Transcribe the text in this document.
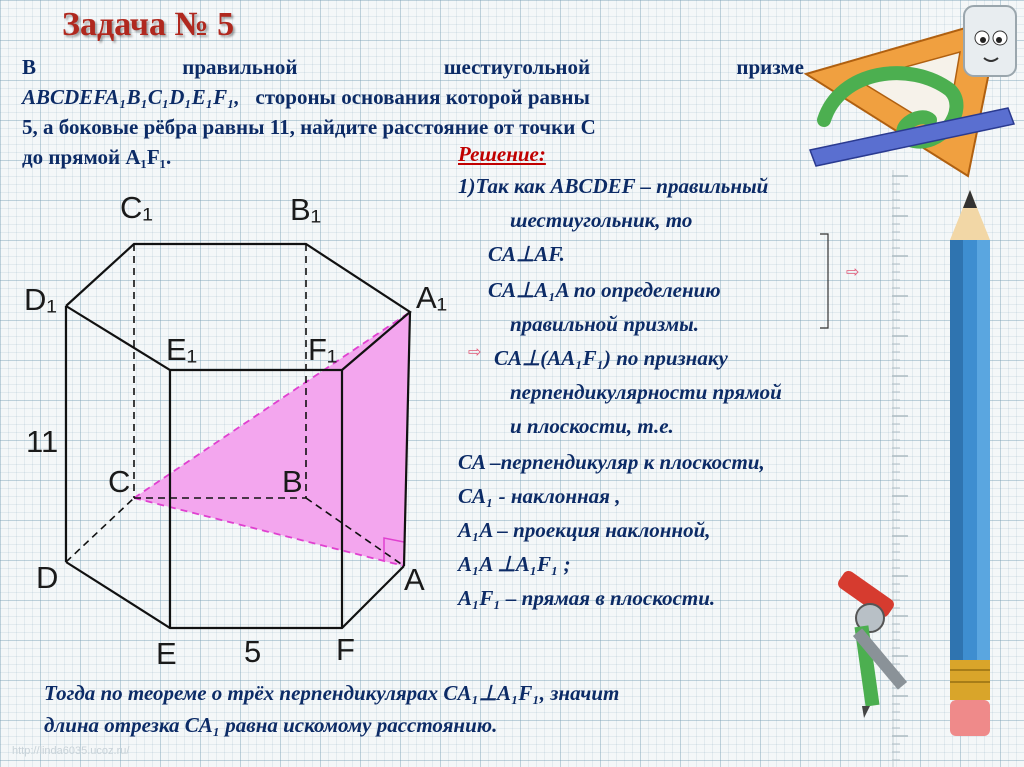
Задача № 5
В правильной шестиугольной призме
ABCDEFA₁B₁C₁D₁E₁F₁, стороны основания которой равны
5, а боковые рёбра равны 11, найдите расстояние от точки C
до прямой A₁F₁.	Решение:

1)Так как ABCDEF – правильный

шестиугольник, то

CA⊥AF.

CA⊥A₁A по определению

правильной призмы.

CA⊥(AA₁F₁) по признаку

перпендикулярности прямой

и плоскости, т.е.

CA –перпендикуляр к плоскости,

CA₁ - наклонная ,

A₁A – проекция наклонной,

A₁A ⊥A₁F₁ ;

A₁F₁ – прямая в плоскости.

⇨
⇨

C₁	B₁

D₁	A₁

E₁	F₁

C	B

D	A

E	F

11

5

Тогда по теореме о трёх перпендикулярах CA₁⊥A₁F₁, значит
длина отрезка CA₁ равна искомому расстоянию.
http://linda6035.ucoz.ru/
